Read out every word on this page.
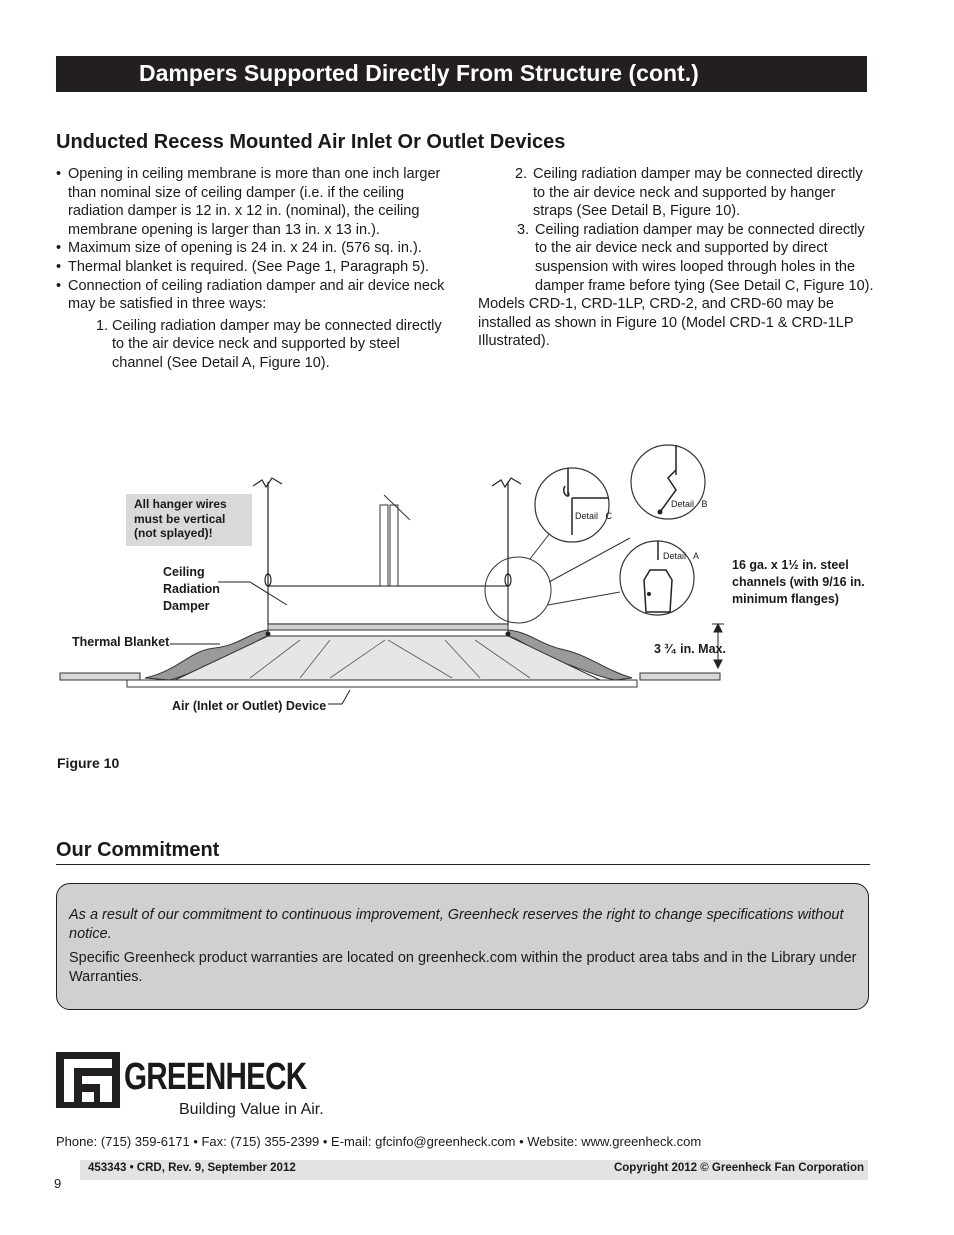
Dampers Supported Directly From Structure (cont.)
Unducted Recess Mounted Air Inlet Or Outlet Devices

• Opening in ceiling membrane is more than one inch larger than nominal size of ceiling damper (i.e. if the ceiling radiation damper is 12 in. x 12 in. (nominal), the ceiling membrane opening is larger than 13 in. x 13 in.).

• Maximum size of opening is 24 in. x 24 in. (576 sq. in.).

• Thermal blanket is required. (See Page 1, Paragraph 5).

• Connection of ceiling radiation damper and air device neck may be satisfied in three ways:

1. Ceiling radiation damper may be connected directly to the air device neck and supported by steel channel (See Detail A, Figure 10).
2. Ceiling radiation damper may be connected directly to the air device neck and supported by hanger straps (See Detail B, Figure 10).
3. Ceiling radiation damper may be connected directly to the air device neck and supported by direct suspension with wires looped through holes in the damper frame before tying (See Detail C, Figure 10).

Models CRD-1, CRD-1LP, CRD-2, and CRD-60 may be installed as shown in Figure 10 (Model CRD-1 & CRD-1LP Illustrated).

All hanger wires must be vertical (not splayed)!
Ceiling Radiation Damper
Thermal Blanket
Air (Inlet or Outlet) Device
16 ga. x 1½ in. steel channels (with 9/16 in. minimum flanges)
3 ³⁄₄ in. Max.
Detail   C
Detail   B
Detail   A
Figure 10
Our Commitment

As a result of our commitment to continuous improvement, Greenheck reserves the right to change specifications without notice.

Specific Greenheck product warranties are located on greenheck.com within the product area tabs and in the Library under Warranties.

GREENHECK
Building Value in Air.
Phone: (715) 359-6171 • Fax: (715) 355-2399 • E-mail: gfcinfo@greenheck.com • Website: www.greenheck.com
453343 • CRD, Rev. 9, September 2012	Copyright 2012 © Greenheck Fan Corporation
9
